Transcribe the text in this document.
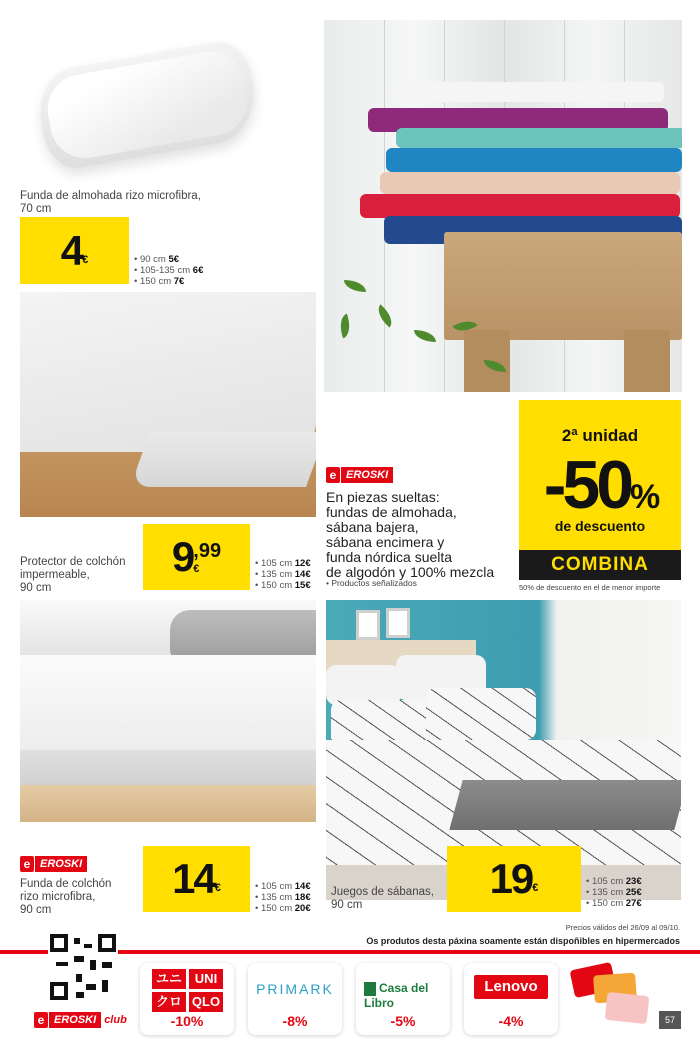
Funda de almohada rizo microfibra,
70 cm
4 €	• 90 cm 5€
• 105-135 cm 6€
• 150 cm 7€
Protector de colchón
impermeable,
90 cm
9 ,99
€	• 105 cm 12€
• 135 cm 14€
• 150 cm 15€
e EROSKI
En piezas sueltas:
fundas de almohada,
sábana bajera,
sábana encimera y
funda nórdica suelta
de algodón y 100% mezcla
• Productos señalizados
2ª unidad
-50%
de descuento
COMBINA
50% de descuento en el de menor importe
e EROSKI
Funda de colchón
rizo microfibra,
90 cm
14 €	• 105 cm 14€
• 135 cm 18€
• 150 cm 20€
Juegos de sábanas,
90 cm
19 €
• 105 cm 23€
• 135 cm 25€
• 150 cm 27€
Precios válidos del 26/09 al 09/10.
Os produtos desta páxina soamente están dispoñibles en hipermercados
e EROSKI club
ユニ UNI
クロ QLO
-10%
PRIMARK
-8%
Casa del Libro
-5%
Lenovo
-4%	57
